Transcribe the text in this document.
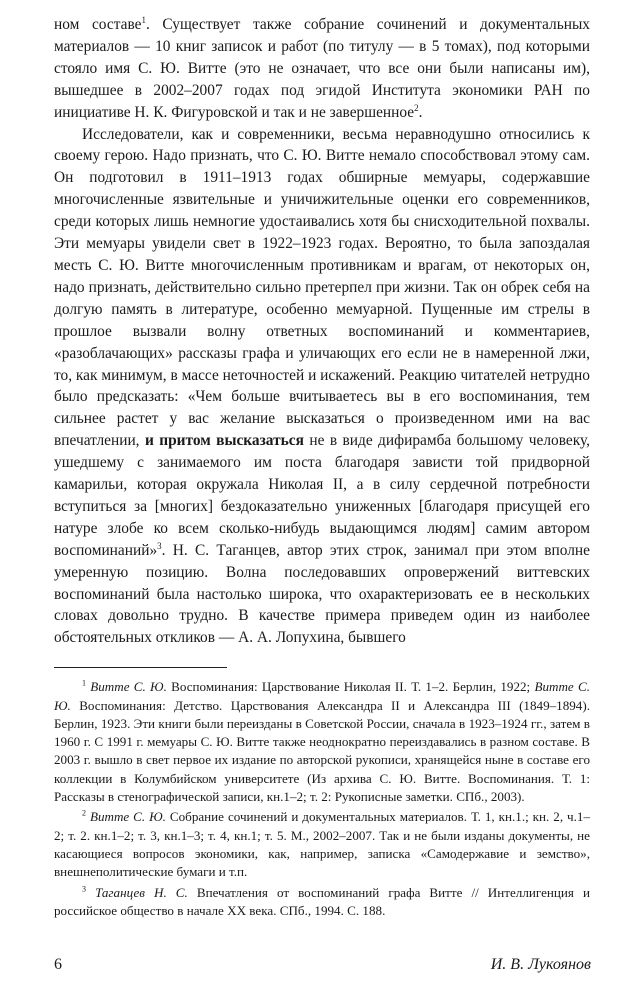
ном составе$^1$. Существует также собрание сочинений и документальных материалов — 10 книг записок и работ (по титулу — в 5 томах), под которыми стояло имя С. Ю. Витте (это не означает, что все они были написаны им), вышедшее в 2002–2007 годах под эгидой Института экономики РАН по инициативе Н. К. Фигуровской и так и не завершенное$^2$.

Исследователи, как и современники, весьма неравнодушно относились к своему герою. Надо признать, что С. Ю. Витте немало способствовал этому сам. Он подготовил в 1911–1913 годах обширные мемуары, содержавшие многочисленные язвительные и уничижительные оценки его современников, среди которых лишь немногие удостаивались хотя бы снисходительной похвалы. Эти мемуары увидели свет в 1922–1923 годах. Вероятно, то была запоздалая месть С. Ю. Витте многочисленным противникам и врагам, от некоторых он, надо признать, действительно сильно претерпел при жизни. Так он обрек себя на долгую память в литературе, особенно мемуарной. Пущенные им стрелы в прошлое вызвали волну ответных воспоминаний и комментариев, «разоблачающих» рассказы графа и уличающих его если не в намеренной лжи, то, как минимум, в массе неточностей и искажений. Реакцию читателей нетрудно было предсказать: «Чем больше вчитываетесь вы в его воспоминания, тем сильнее растет у вас желание высказаться о произведенном ими на вас впечатлении, и притом высказаться не в виде дифирамба большому человеку, ушедшему с занимаемого им поста благодаря зависти той придворной камарильи, которая окружала Николая II, а в силу сердечной потребности вступиться за [многих] бездоказательно униженных [благодаря присущей его натуре злобе ко всем сколько-нибудь выдающимся людям] самим автором воспоминаний»$^3$. Н. С. Таганцев, автор этих строк, занимал при этом вполне умеренную позицию. Волна последовавших опровержений виттевских воспоминаний была настолько широка, что охарактеризовать ее в нескольких словах довольно трудно. В качестве примера приведем один из наиболее обстоятельных откликов — А. А. Лопухина, бывшего

$^1$ Витте С. Ю. Воспоминания: Царствование Николая II. Т. 1–2. Берлин, 1922; Витте С. Ю. Воспоминания: Детство. Царствования Александра II и Александра III (1849–1894). Берлин, 1923. Эти книги были переизданы в Советской России, сначала в 1923–1924 гг., затем в 1960 г. С 1991 г. мемуары С. Ю. Витте также неоднократно переиздавались в разном составе. В 2003 г. вышло в свет первое их издание по авторской рукописи, хранящейся ныне в составе его коллекции в Колумбийском университете (Из архива С. Ю. Витте. Воспоминания. Т. 1: Рассказы в стенографической записи, кн.1–2; т. 2: Рукописные заметки. СПб., 2003).

$^2$ Витте С. Ю. Собрание сочинений и документальных материалов. Т. 1, кн.1.; кн. 2, ч.1–2; т. 2. кн.1–2; т. 3, кн.1–3; т. 4, кн.1; т. 5. М., 2002–2007. Так и не были изданы документы, не касающиеся вопросов экономики, как, например, записка «Самодержавие и земство», внешнеполитические бумаги и т.п.

$^3$ Таганцев Н. С. Впечатления от воспоминаний графа Витте // Интеллигенция и российское общество в начале XX века. СПб., 1994. С. 188.

6	И. В. Лукоянов
